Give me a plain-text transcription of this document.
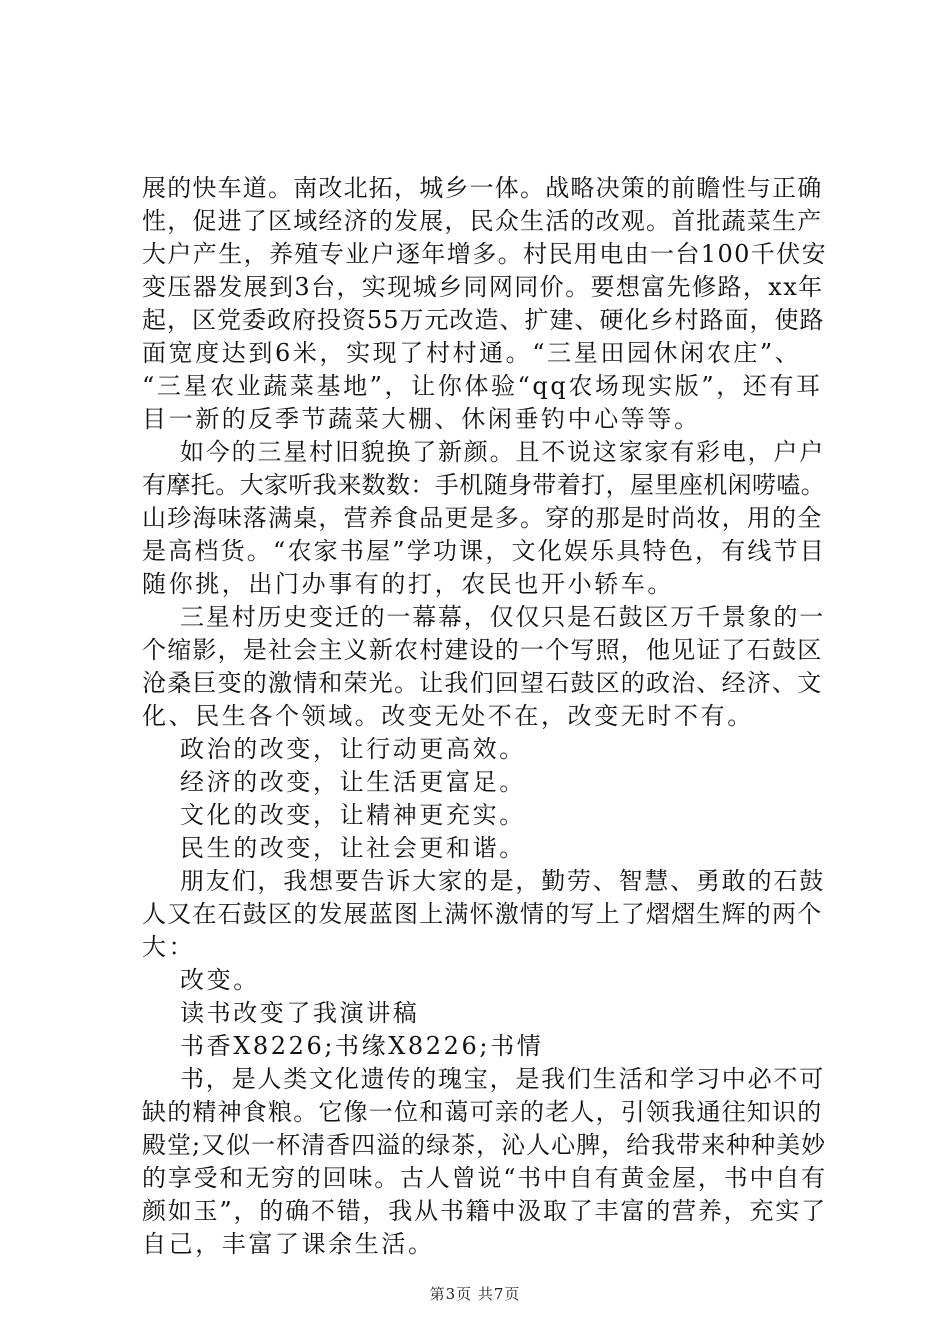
展的快车道。南改北拓，城乡一体。战略决策的前瞻性与正确
性，促进了区域经济的发展，民众生活的改观。首批蔬菜生产
大户产生，养殖专业户逐年增多。村民用电由一台100千伏安
变压器发展到3台，实现城乡同网同价。要想富先修路，xx年
起，区党委政府投资55万元改造、扩建、硬化乡村路面，使路
面宽度达到6米，实现了村村通。“三星田园休闲农庄”、
“三星农业蔬菜基地”，让你体验“qq农场现实版”，还有耳
目一新的反季节蔬菜大棚、休闲垂钓中心等等。
如今的三星村旧貌换了新颜。且不说这家家有彩电，户户
有摩托。大家听我来数数：手机随身带着打，屋里座机闲唠嗑。
山珍海味落满桌，营养食品更是多。穿的那是时尚妆，用的全
是高档货。“农家书屋”学功课，文化娱乐具特色，有线节目
随你挑，出门办事有的打，农民也开小轿车。
三星村历史变迁的一幕幕，仅仅只是石鼓区万千景象的一
个缩影，是社会主义新农村建设的一个写照，他见证了石鼓区
沧桑巨变的激情和荣光。让我们回望石鼓区的政治、经济、文
化、民生各个领域。改变无处不在，改变无时不有。
政治的改变，让行动更高效。
经济的改变，让生活更富足。
文化的改变，让精神更充实。
民生的改变，让社会更和谐。
朋友们，我想要告诉大家的是，勤劳、智慧、勇敢的石鼓
人又在石鼓区的发展蓝图上满怀激情的写上了熠熠生辉的两个
大：
改变。
读书改变了我演讲稿
书香X8226;书缘X8226;书情
书，是人类文化遗传的瑰宝，是我们生活和学习中必不可
缺的精神食粮。它像一位和蔼可亲的老人，引领我通往知识的
殿堂;又似一杯清香四溢的绿茶，沁人心脾，给我带来种种美妙
的享受和无穷的回味。古人曾说“书中自有黄金屋，书中自有
颜如玉”，的确不错，我从书籍中汲取了丰富的营养，充实了
自己，丰富了课余生活。
第3页 共7页
